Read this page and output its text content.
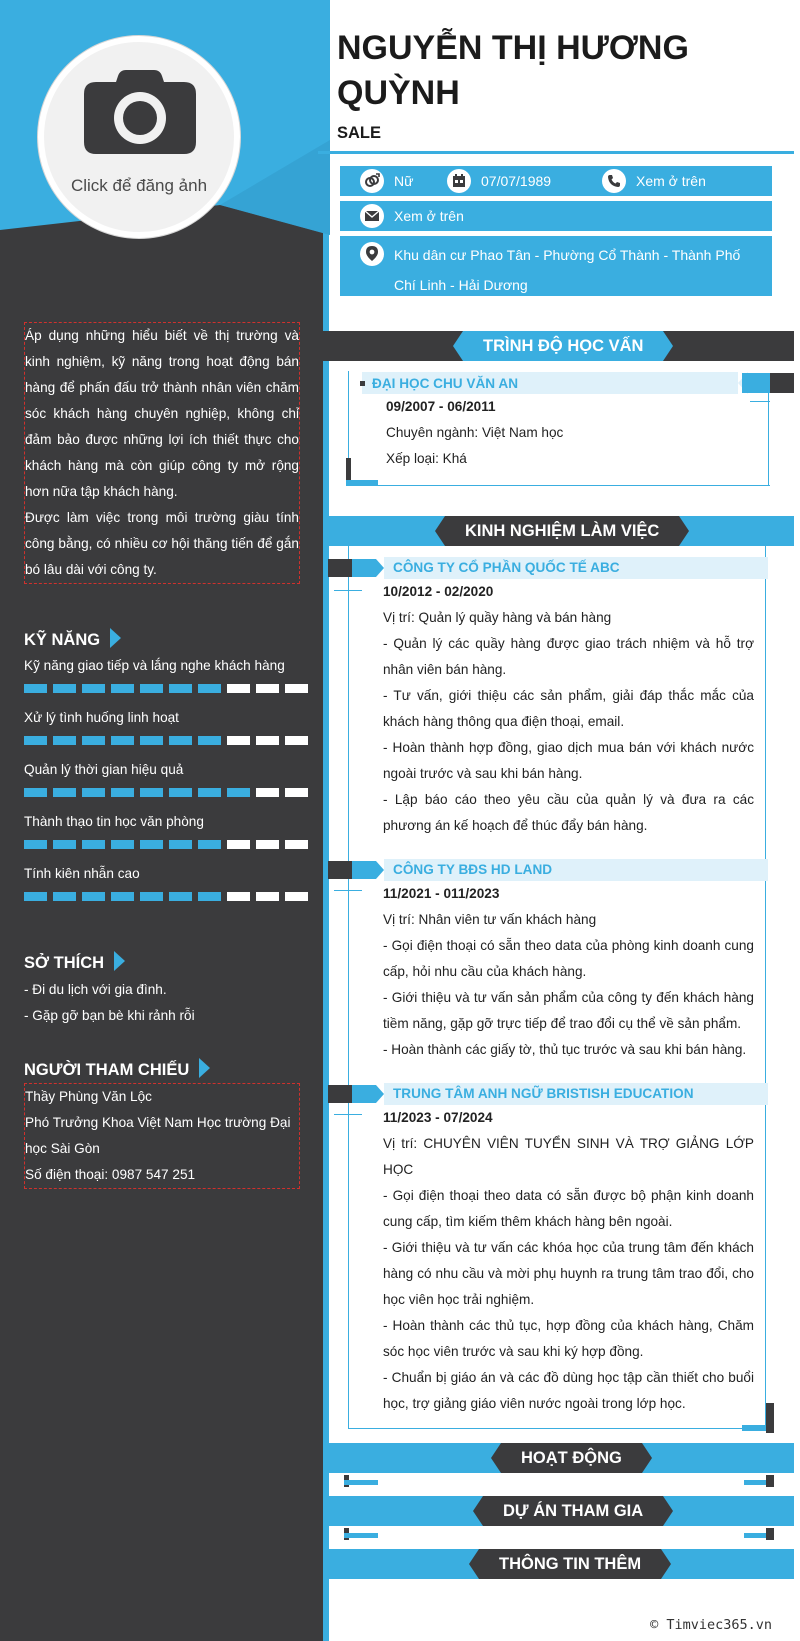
Click để đăng ảnh

Áp dụng những hiểu biết về thị trường và kinh nghiệm, kỹ năng trong hoạt động bán hàng để phấn đấu trở thành nhân viên chăm sóc khách hàng chuyên nghiệp, không chỉ đảm bảo được những lợi ích thiết thực cho khách hàng mà còn giúp công ty mở rộng hơn nữa tập khách hàng.

Được làm việc trong môi trường giàu tính công bằng, có nhiều cơ hội thăng tiến để gắn bó lâu dài với công ty.

KỸ NĂNG
Kỹ năng giao tiếp và lắng nghe khách hàng
Xử lý tình huống linh hoạt
Quản lý thời gian hiệu quả
Thành thạo tin học văn phòng
Tính kiên nhẫn cao
SỞ THÍCH
- Đi du lịch với gia đình.
- Gặp gỡ bạn bè khi rảnh rỗi
NGƯỜI THAM CHIẾU
Thầy Phùng Văn Lộc
Phó Trưởng Khoa Việt Nam Học trường Đại học Sài Gòn
Số điện thoại: 0987 547 251
NGUYỄN THỊ HƯƠNG QUỲNH
SALE
Nữ	07/07/1989	Xem ở trên
Xem ở trên
Khu dân cư Phao Tân - Phường Cổ Thành - Thành Phố Chí Linh - Hải Dương
TRÌNH ĐỘ HỌC VẤN
ĐẠI HỌC CHU VĂN AN
09/2007 - 06/2011
Chuyên ngành: Việt Nam học
Xếp loại: Khá
KINH NGHIỆM LÀM VIỆC
CÔNG TY CỔ PHẦN QUỐC TẾ ABC
10/2012 - 02/2020
Vị trí: Quản lý quầy hàng và bán hàng
- Quản lý các quầy hàng được giao trách nhiệm và hỗ trợ nhân viên bán hàng.
- Tư vấn, giới thiệu các sản phẩm, giải đáp thắc mắc của khách hàng thông qua điện thoại, email.
- Hoàn thành hợp đồng, giao dịch mua bán với khách nước ngoài trước và sau khi bán hàng.
- Lập báo cáo theo yêu cầu của quản lý và đưa ra các phương án kế hoạch để thúc đẩy bán hàng.
CÔNG TY BĐS HD LAND
11/2021 - 011/2023
Vị trí: Nhân viên tư vấn khách hàng
- Gọi điện thoại có sẵn theo data của phòng kinh doanh cung cấp, hỏi nhu cầu của khách hàng.
- Giới thiệu và tư vấn sản phẩm của công ty đến khách hàng tiềm năng, gặp gỡ trực tiếp để trao đổi cụ thể về sản phẩm.
- Hoàn thành các giấy tờ, thủ tục trước và sau khi bán hàng.
TRUNG TÂM ANH NGỮ BRISTISH EDUCATION
11/2023 - 07/2024
Vị trí: CHUYÊN VIÊN TUYỂN SINH VÀ TRỢ GIẢNG LỚP HỌC
- Gọi điện thoại theo data có sẵn được bộ phận kinh doanh cung cấp, tìm kiếm thêm khách hàng bên ngoài.
- Giới thiệu và tư vấn các khóa học của trung tâm đến khách hàng có nhu cầu và mời phụ huynh ra trung tâm trao đổi, cho học viên học trải nghiệm.
- Hoàn thành các thủ tục, hợp đồng của khách hàng, Chăm sóc học viên trước và sau khi ký hợp đồng.
- Chuẩn bị giáo án và các đồ dùng học tập cần thiết cho buổi học, trợ giảng giáo viên nước ngoài trong lớp học.
HOẠT ĐỘNG
DỰ ÁN THAM GIA
THÔNG TIN THÊM
© Timviec365.vn
